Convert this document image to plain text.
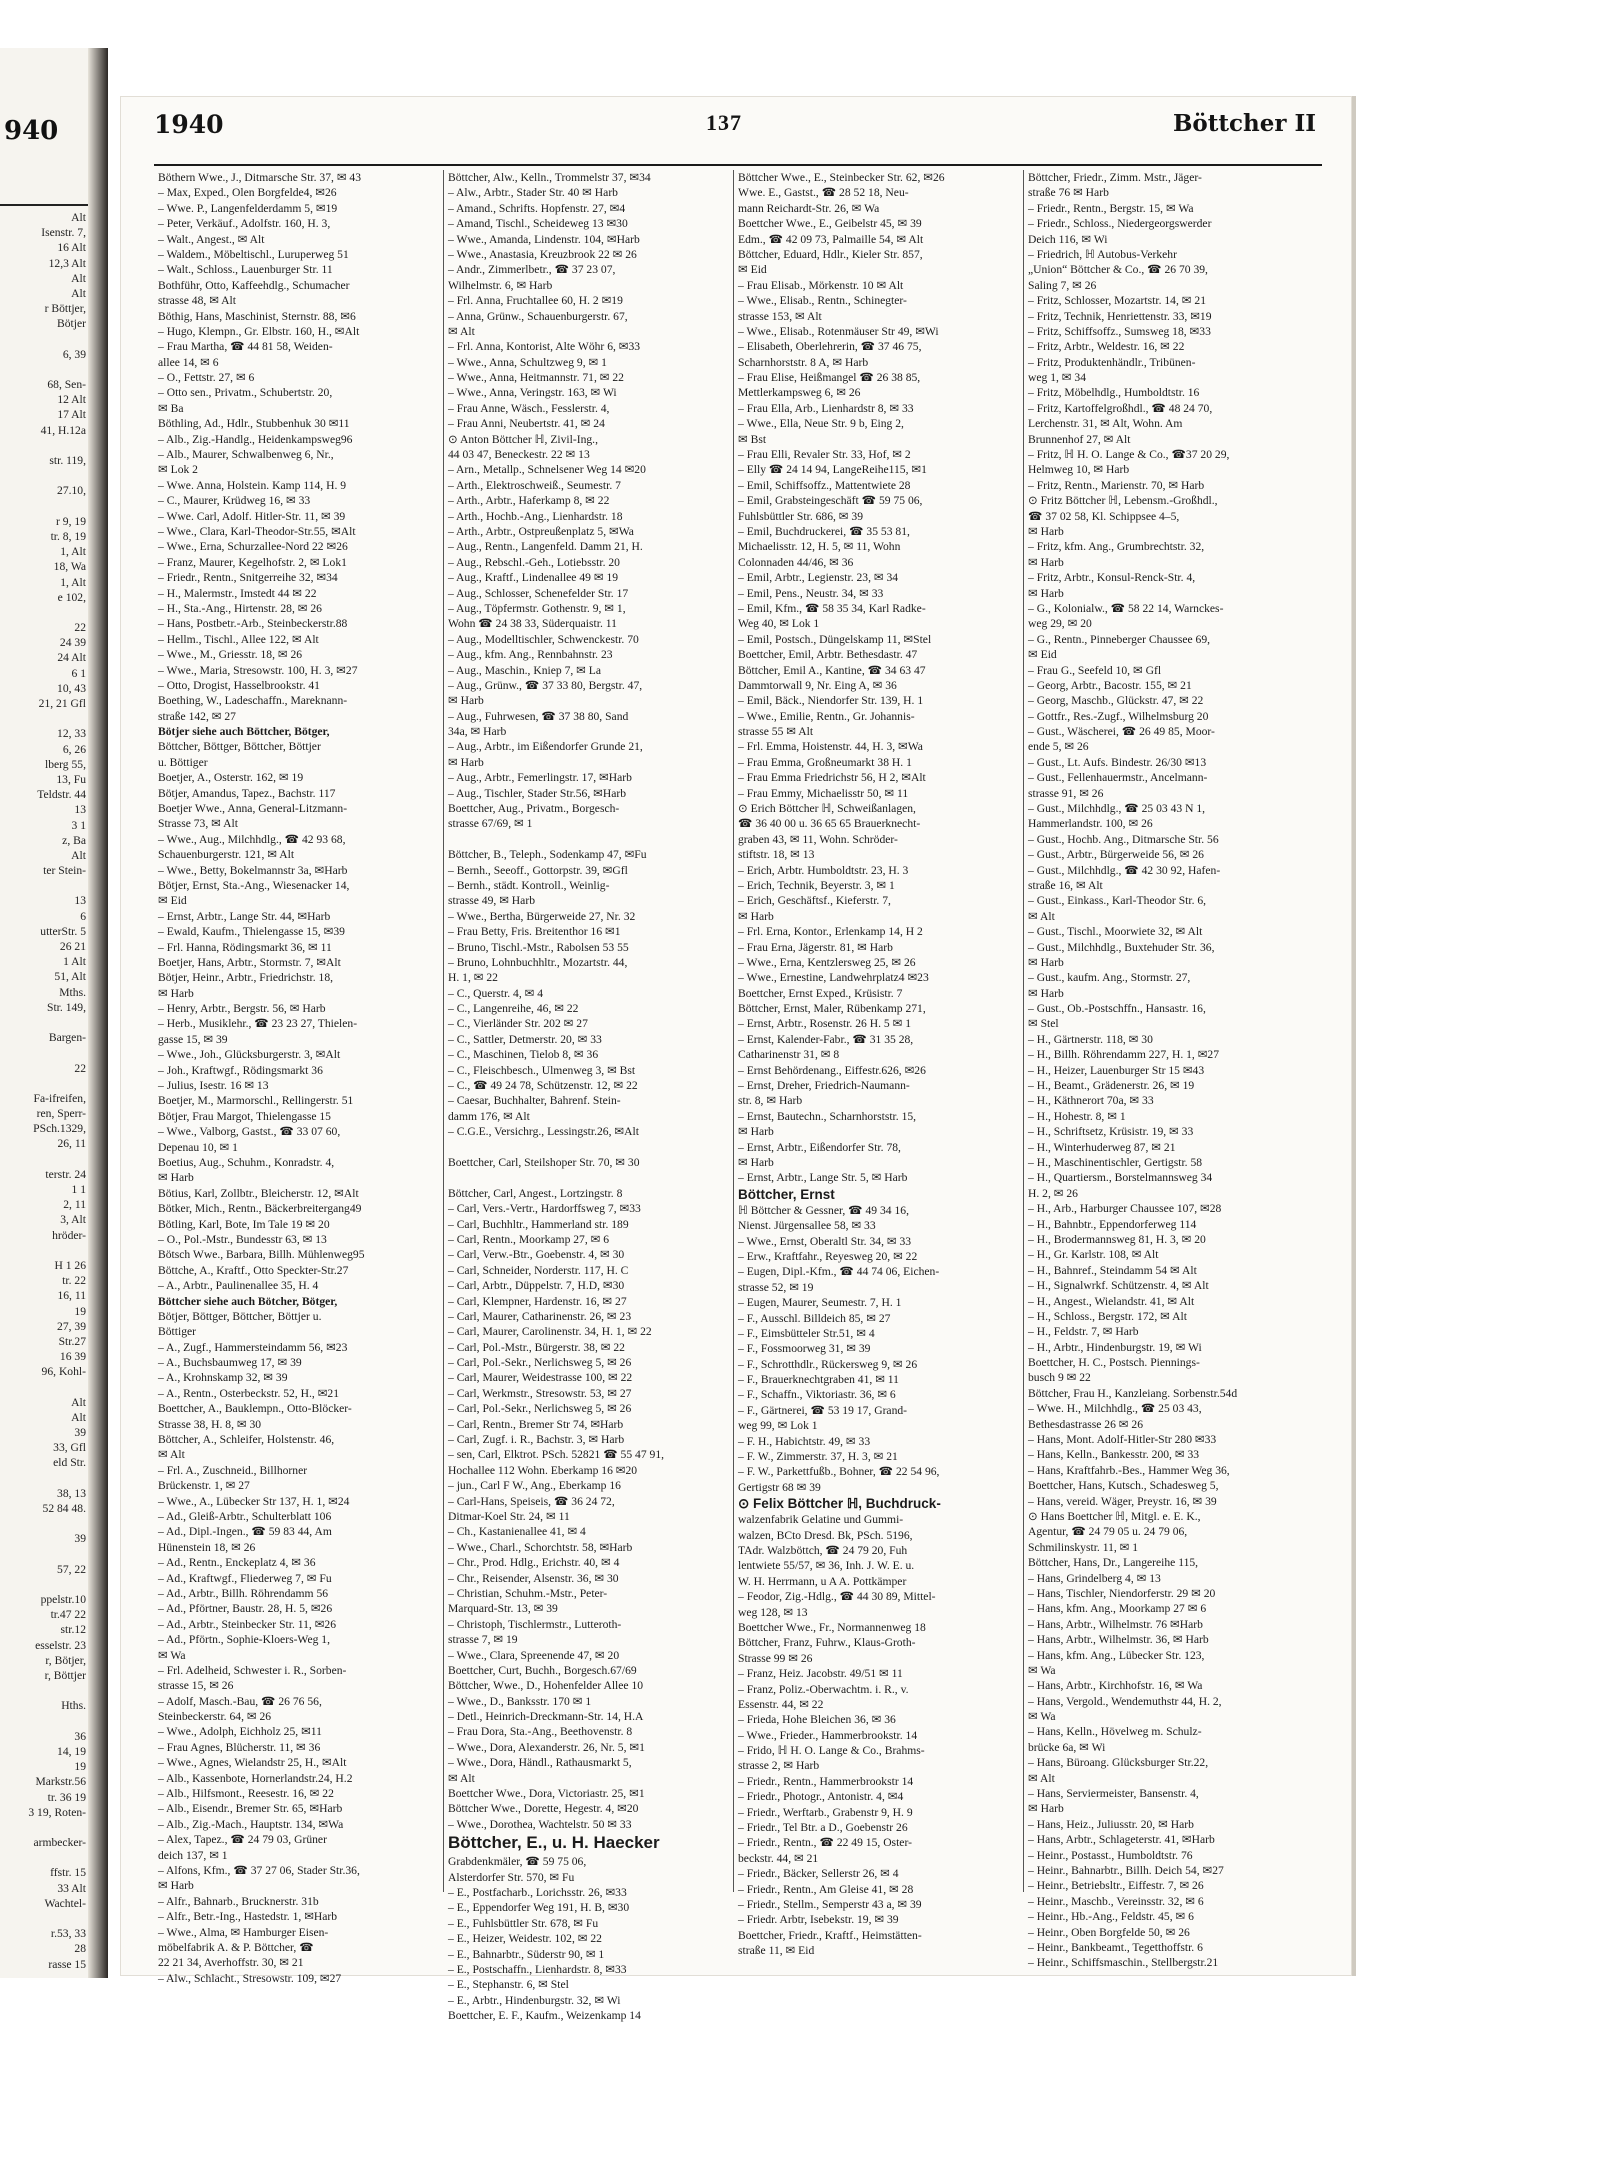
940
Alt
Isenstr. 7,
16 Alt
12,3 Alt
Alt
Alt
r Böttjer,
Bötjer
6, 39
68, Sen-
12 Alt
17 Alt
41, H.12a
str. 119,
27.10,
r 9, 19
tr. 8, 19
1, Alt
18, Wa
1, Alt
e 102,
22
24 39
24 Alt
6 1
10, 43
21, 21 Gfl
12, 33
6, 26
lberg 55,
13, Fu
Teldstr. 44
13
3 1
z, Ba
Alt
ter Stein-
13
6
utterStr. 5
26 21
1 Alt
51, Alt
Mths.
Str. 149,
Bargen-
22
Fa-ifreifen,
ren, Sperr-
PSch.1329,
26, 11
terstr. 24
1 1
2, 11
3, Alt
hröder-
H 1 26
tr. 22
16, 11
19
27, 39
Str.27
16 39
96, Kohl-
Alt
Alt
39
33, Gfl
eld Str.
38, 13
52 84 48.
39
57, 22
ppelstr.10
tr.47 22
str.12
esselstr. 23
r, Bötjer,
r, Böttjer
Hths.
36
14, 19
19
Markstr.56
tr. 36 19
3 19, Roten-
armbecker-
ffstr. 15
33 Alt
Wachtel-
r.53, 33
28
rasse 15
1940	137	Böttcher II
Böthern Wwe., J., Ditmarsche Str. 37, ✉ 43
– Max, Exped., Olen Borgfelde4, ✉26
– Wwe. P., Langenfelderdamm 5, ✉19
– Peter, Verkäuf., Adolfstr. 160, H. 3,
– Walt., Angest., ✉ Alt
– Waldem., Möbeltischl., Luruperweg 51
– Walt., Schloss., Lauenburger Str. 11
Bothführ, Otto, Kaffeehdlg., Schumacher
strasse 48, ✉ Alt
Böthig, Hans, Maschinist, Sternstr. 88, ✉6
– Hugo, Klempn., Gr. Elbstr. 160, H., ✉Alt
– Frau Martha, ☎ 44 81 58, Weiden-
allee 14, ✉ 6
– O., Fettstr. 27, ✉ 6
– Otto sen., Privatm., Schubertstr. 20,
✉ Ba
Böthling, Ad., Hdlr., Stubbenhuk 30 ✉11
– Alb., Zig.-Handlg., Heidenkampsweg96
– Alb., Maurer, Schwalbenweg 6, Nr.,
✉ Lok 2
– Wwe. Anna, Holstein. Kamp 114, H. 9
– C., Maurer, Krüdweg 16, ✉ 33
– Wwe. Carl, Adolf. Hitler-Str. 11, ✉ 39
– Wwe., Clara, Karl-Theodor-Str.55, ✉Alt
– Wwe., Erna, Schurzallee-Nord 22 ✉26
– Franz, Maurer, Kegelhofstr. 2, ✉ Lok1
– Friedr., Rentn., Snitgerreihe 32, ✉34
– H., Malermstr., Imstedt 44 ✉ 22
– H., Sta.-Ang., Hirtenstr. 28, ✉ 26
– Hans, Postbetr.-Arb., Steinbeckerstr.88
– Hellm., Tischl., Allee 122, ✉ Alt
– Wwe., M., Griesstr. 18, ✉ 26
– Wwe., Maria, Stresowstr. 100, H. 3, ✉27
– Otto, Drogist, Hasselbrookstr. 41
Boething, W., Ladeschaffn., Mareknann-
straße 142, ✉ 27
Bötjer siehe auch Böttcher, Bötger,
Böttcher, Böttger, Böttcher, Böttjer
u. Böttiger
Boetjer, A., Osterstr. 162, ✉ 19
Bötjer, Amandus, Tapez., Bachstr. 117
Boetjer Wwe., Anna, General-Litzmann-
Strasse 73, ✉ Alt
– Wwe., Aug., Milchhdlg., ☎ 42 93 68,
Schauenburgerstr. 121, ✉ Alt
– Wwe., Betty, Bokelmannstr 3a, ✉Harb
Bötjer, Ernst, Sta.-Ang., Wiesenacker 14,
✉ Eid
– Ernst, Arbtr., Lange Str. 44, ✉Harb
– Ewald, Kaufm., Thielengasse 15, ✉39
– Frl. Hanna, Rödingsmarkt 36, ✉ 11
Boetjer, Hans, Arbtr., Stormstr. 7, ✉Alt
Bötjer, Heinr., Arbtr., Friedrichstr. 18,
✉ Harb
– Henry, Arbtr., Bergstr. 56, ✉ Harb
– Herb., Musiklehr., ☎ 23 23 27, Thielen-
gasse 15, ✉ 39
– Wwe., Joh., Glücksburgerstr. 3, ✉Alt
– Joh., Kraftwgf., Rödingsmarkt 36
– Julius, Isestr. 16 ✉ 13
Boetjer, M., Marmorschl., Rellingerstr. 51
Bötjer, Frau Margot, Thielengasse 15
– Wwe., Valborg, Gastst., ☎ 33 07 60,
Depenau 10, ✉ 1
Boetius, Aug., Schuhm., Konradstr. 4,
✉ Harb
Bötius, Karl, Zollbtr., Bleicherstr. 12, ✉Alt
Bötker, Mich., Rentn., Bäckerbreitergang49
Bötling, Karl, Bote, Im Tale 19 ✉ 20
– O., Pol.-Mstr., Bundesstr 63, ✉ 13
Bötsch Wwe., Barbara, Billh. Mühlenweg95
Böttche, A., Kraftf., Otto Speckter-Str.27
– A., Arbtr., Paulinenallee 35, H. 4
Böttcher siehe auch Bötcher, Bötger,
Bötjer, Böttger, Böttcher, Böttjer u.
Böttiger
– A., Zugf., Hammersteindamm 56, ✉23
– A., Buchsbaumweg 17, ✉ 39
– A., Krohnskamp 32, ✉ 39
– A., Rentn., Osterbeckstr. 52, H., ✉21
Boettcher, A., Bauklempn., Otto-Blöcker-
Strasse 38, H. 8, ✉ 30
Böttcher, A., Schleifer, Holstenstr. 46,
✉ Alt
– Frl. A., Zuschneid., Billhorner
Brückenstr. 1, ✉ 27
– Wwe., A., Lübecker Str 137, H. 1, ✉24
– Ad., Gleiß-Arbtr., Schulterblatt 106
– Ad., Dipl.-Ingen., ☎ 59 83 44, Am
Hünenstein 18, ✉ 26
– Ad., Rentn., Enckeplatz 4, ✉ 36
– Ad., Kraftwgf., Fliederweg 7, ✉ Fu
– Ad., Arbtr., Billh. Röhrendamm 56
– Ad., Pförtner, Baustr. 28, H. 5, ✉26
– Ad., Arbtr., Steinbecker Str. 11, ✉26
– Ad., Pförtn., Sophie-Kloers-Weg 1,
✉ Wa
– Frl. Adelheid, Schwester i. R., Sorben-
strasse 15, ✉ 26
– Adolf, Masch.-Bau, ☎ 26 76 56,
Steinbeckerstr. 64, ✉ 26
– Wwe., Adolph, Eichholz 25, ✉11
– Frau Agnes, Blücherstr. 11, ✉ 36
– Wwe., Agnes, Wielandstr 25, H., ✉Alt
– Alb., Kassenbote, Hornerlandstr.24, H.2
– Alb., Hilfsmont., Reesestr. 16, ✉ 22
– Alb., Eisendr., Bremer Str. 65, ✉Harb
– Alb., Zig.-Mach., Hauptstr. 134, ✉Wa
– Alex, Tapez., ☎ 24 79 03, Grüner
deich 137, ✉ 1
– Alfons, Kfm., ☎ 37 27 06, Stader Str.36,
✉ Harb
– Alfr., Bahnarb., Brucknerstr. 31b
– Alfr., Betr.-Ing., Hastedstr. 1, ✉Harb
– Wwe., Alma, ✉ Hamburger Eisen-
möbelfabrik A. & P. Böttcher, ☎
22 21 34, Averhoffstr. 30, ✉ 21
– Alw., Schlacht., Stresowstr. 109, ✉27
Böttcher, Alw., Kelln., Trommelstr 37, ✉34
– Alw., Arbtr., Stader Str. 40 ✉ Harb
– Amand., Schrifts. Hopfenstr. 27, ✉4
– Amand, Tischl., Scheideweg 13 ✉30
– Wwe., Amanda, Lindenstr. 104, ✉Harb
– Wwe., Anastasia, Kreuzbrook 22 ✉ 26
– Andr., Zimmerlbetr., ☎ 37 23 07,
Wilhelmstr. 6, ✉ Harb
– Frl. Anna, Fruchtallee 60, H. 2 ✉19
– Anna, Grünw., Schauenburgerstr. 67,
✉ Alt
– Frl. Anna, Kontorist, Alte Wöhr 6, ✉33
– Wwe., Anna, Schultzweg 9, ✉ 1
– Wwe., Anna, Heitmannstr. 71, ✉ 22
– Wwe., Anna, Veringstr. 163, ✉ Wi
– Frau Anne, Wäsch., Fesslerstr. 4,
– Frau Anni, Neubertstr. 41, ✉ 24
⊙ Anton Böttcher ℍ, Zivil-Ing.,
44 03 47, Beneckestr. 22 ✉ 13
– Arn., Metallp., Schnelsener Weg 14 ✉20
– Arth., Elektroschweiß., Seumestr. 7
– Arth., Arbtr., Haferkamp 8, ✉ 22
– Arth., Hochb.-Ang., Lienhardstr. 18
– Arth., Arbtr., Ostpreußenplatz 5, ✉Wa
– Aug., Rentn., Langenfeld. Damm 21, H.
– Aug., Rebschl.-Geh., Lotiebsstr. 20
– Aug., Kraftf., Lindenallee 49 ✉ 19
– Aug., Schlosser, Schenefelder Str. 17
– Aug., Töpfermstr. Gothenstr. 9, ✉ 1,
Wohn ☎ 24 38 33, Süderquaistr. 11
– Aug., Modelltischler, Schwenckestr. 70
– Aug., kfm. Ang., Rennbahnstr. 23
– Aug., Maschin., Kniep 7, ✉ La
– Aug., Grünw., ☎ 37 33 80, Bergstr. 47,
✉ Harb
– Aug., Fuhrwesen, ☎ 37 38 80, Sand
34a, ✉ Harb
– Aug., Arbtr., im Eißendorfer Grunde 21,
✉ Harb
– Aug., Arbtr., Femerlingstr. 17, ✉Harb
– Aug., Tischler, Stader Str.56, ✉Harb
Boettcher, Aug., Privatm., Borgesch-
strasse 67/69, ✉ 1
Böttcher, B., Teleph., Sodenkamp 47, ✉Fu
– Bernh., Seeoff., Gottorpstr. 39, ✉Gfl
– Bernh., städt. Kontroll., Weinlig-
strasse 49, ✉ Harb
– Wwe., Bertha, Bürgerweide 27, Nr. 32
– Frau Betty, Fris. Breitenthor 16 ✉1
– Bruno, Tischl.-Mstr., Rabolsen 53 55
– Bruno, Lohnbuchhltr., Mozartstr. 44,
H. 1, ✉ 22
– C., Querstr. 4, ✉ 4
– C., Langenreihe, 46, ✉ 22
– C., Vierländer Str. 202 ✉ 27
– C., Sattler, Detmerstr. 20, ✉ 33
– C., Maschinen, Tielob 8, ✉ 36
– C., Fleischbesch., Ulmenweg 3, ✉ Bst
– C., ☎ 49 24 78, Schützenstr. 12, ✉ 22
– Caesar, Buchhalter, Bahrenf. Stein-
damm 176, ✉ Alt
– C.G.E., Versichrg., Lessingstr.26, ✉Alt
Boettcher, Carl, Steilshoper Str. 70, ✉ 30
Böttcher, Carl, Angest., Lortzingstr. 8
– Carl, Vers.-Vertr., Hardorffsweg 7, ✉33
– Carl, Buchhltr., Hammerland str. 189
– Carl, Rentn., Moorkamp 27, ✉ 6
– Carl, Verw.-Btr., Goebenstr. 4, ✉ 30
– Carl, Schneider, Norderstr. 117, H. C
– Carl, Arbtr., Düppelstr. 7, H.D, ✉30
– Carl, Klempner, Hardenstr. 16, ✉ 27
– Carl, Maurer, Catharinenstr. 26, ✉ 23
– Carl, Maurer, Carolinenstr. 34, H. 1, ✉ 22
– Carl, Pol.-Mstr., Bürgerstr. 38, ✉ 22
– Carl, Pol.-Sekr., Nerlichsweg 5, ✉ 26
– Carl, Maurer, Weidestrasse 100, ✉ 22
– Carl, Werkmstr., Stresowstr. 53, ✉ 27
– Carl, Pol.-Sekr., Nerlichsweg 5, ✉ 26
– Carl, Rentn., Bremer Str 74, ✉Harb
– Carl, Zugf. i. R., Bachstr. 3, ✉ Harb
– sen, Carl, Elktrot. PSch. 52821 ☎ 55 47 91,
Hochallee 112 Wohn. Eberkamp 16 ✉20
– jun., Carl F W., Ang., Eberkamp 16
– Carl-Hans, Speiseis, ☎ 36 24 72,
Ditmar-Koel Str. 24, ✉ 11
– Ch., Kastanienallee 41, ✉ 4
– Wwe., Charl., Schorchtstr. 58, ✉Harb
– Chr., Prod. Hdlg., Erichstr. 40, ✉ 4
– Chr., Reisender, Alsenstr. 36, ✉ 30
– Christian, Schuhm.-Mstr., Peter-
Marquard-Str. 13, ✉ 39
– Christoph, Tischlermstr., Lutteroth-
strasse 7, ✉ 19
– Wwe., Clara, Spreenende 47, ✉ 20
Boettcher, Curt, Buchh., Borgesch.67/69
Böttcher, Wwe., D., Hohenfelder Allee 10
– Wwe., D., Banksstr. 170 ✉ 1
– Detl., Heinrich-Dreckmann-Str. 14, H.A
– Frau Dora, Sta.-Ang., Beethovenstr. 8
– Wwe., Dora, Alexanderstr. 26, Nr. 5, ✉1
– Wwe., Dora, Händl., Rathausmarkt 5,
✉ Alt
Boettcher Wwe., Dora, Victoriastr. 25, ✉1
Böttcher Wwe., Dorette, Hegestr. 4, ✉20
– Wwe., Dorothea, Wachtelstr. 50 ✉ 33
Böttcher, E., u. H. Haecker
Grabdenkmäler, ☎ 59 75 06,
Alsterdorfer Str. 570, ✉ Fu
– E., Postfacharb., Lorichsstr. 26, ✉33
– E., Eppendorfer Weg 191, H. B, ✉30
– E., Fuhlsbüttler Str. 678, ✉ Fu
– E., Heizer, Weidestr. 102, ✉ 22
– E., Bahnarbtr., Süderstr 90, ✉ 1
– E., Postschaffn., Lienhardstr. 8, ✉33
– E., Stephanstr. 6, ✉ Stel
– E., Arbtr., Hindenburgstr. 32, ✉ Wi
Boettcher, E. F., Kaufm., Weizenkamp 14
Böttcher Wwe., E., Steinbecker Str. 62, ✉26
Wwe. E., Gastst., ☎ 28 52 18, Neu-
mann Reichardt-Str. 26, ✉ Wa
Boettcher Wwe., E., Geibelstr 45, ✉ 39
Edm., ☎ 42 09 73, Palmaille 54, ✉ Alt
Böttcher, Eduard, Hdlr., Kieler Str. 857,
✉ Eid
– Frau Elisab., Mörkenstr. 10 ✉ Alt
– Wwe., Elisab., Rentn., Schinegter-
strasse 153, ✉ Alt
– Wwe., Elisab., Rotenmäuser Str 49, ✉Wi
– Elisabeth, Oberlehrerin, ☎ 37 46 75,
Scharnhorststr. 8 A, ✉ Harb
– Frau Elise, Heißmangel ☎ 26 38 85,
Mettlerkampsweg 6, ✉ 26
– Frau Ella, Arb., Lienhardstr 8, ✉ 33
– Wwe., Ella, Neue Str. 9 b, Eing 2,
✉ Bst
– Frau Elli, Revaler Str. 33, Hof, ✉ 2
– Elly ☎ 24 14 94, LangeReihe115, ✉1
– Emil, Schiffsoffz., Mattentwiete 28
– Emil, Grabsteingeschäft ☎ 59 75 06,
Fuhlsbüttler Str. 686, ✉ 39
– Emil, Buchdruckerei, ☎ 35 53 81,
Michaelisstr. 12, H. 5, ✉ 11, Wohn
Colonnaden 44/46, ✉ 36
– Emil, Arbtr., Legienstr. 23, ✉ 34
– Emil, Pens., Neustr. 34, ✉ 33
– Emil, Kfm., ☎ 58 35 34, Karl Radke-
Weg 40, ✉ Lok 1
– Emil, Postsch., Düngelskamp 11, ✉Stel
Boettcher, Emil, Arbtr. Bethesdastr. 47
Böttcher, Emil A., Kantine, ☎ 34 63 47
Dammtorwall 9, Nr. Eing A, ✉ 36
– Emil, Bäck., Niendorfer Str. 139, H. 1
– Wwe., Emilie, Rentn., Gr. Johannis-
strasse 55 ✉ Alt
– Frl. Emma, Hoistenstr. 44, H. 3, ✉Wa
– Frau Emma, Großneumarkt 38 H. 1
– Frau Emma Friedrichstr 56, H 2, ✉Alt
– Frau Emmy, Michaelisstr 50, ✉ 11
⊙ Erich Böttcher ℍ, Schweißanlagen,
☎ 36 40 00 u. 36 65 65 Brauerknecht-
graben 43, ✉ 11, Wohn. Schröder-
stiftstr. 18, ✉ 13
– Erich, Arbtr. Humboldtstr. 23, H. 3
– Erich, Technik, Beyerstr. 3, ✉ 1
– Erich, Geschäftsf., Kieferstr. 7,
✉ Harb
– Frl. Erna, Kontor., Erlenkamp 14, H 2
– Frau Erna, Jägerstr. 81, ✉ Harb
– Wwe., Erna, Kentzlersweg 25, ✉ 26
– Wwe., Ernestine, Landwehrplatz4 ✉23
Boettcher, Ernst Exped., Krüsistr. 7
Böttcher, Ernst, Maler, Rübenkamp 271,
– Ernst, Arbtr., Rosenstr. 26 H. 5 ✉ 1
– Ernst, Kalender-Fabr., ☎ 31 35 28,
Catharinenstr 31, ✉ 8
– Ernst Behördenang., Eiffestr.626, ✉26
– Ernst, Dreher, Friedrich-Naumann-
str. 8, ✉ Harb
– Ernst, Bautechn., Scharnhorststr. 15,
✉ Harb
– Ernst, Arbtr., Eißendorfer Str. 78,
✉ Harb
– Ernst, Arbtr., Lange Str. 5, ✉ Harb
Böttcher, Ernst
ℍ Böttcher & Gessner, ☎ 49 34 16,
Nienst. Jürgensallee 58, ✉ 33
– Wwe., Ernst, Oberaltl Str. 34, ✉ 33
– Erw., Kraftfahr., Reyesweg 20, ✉ 22
– Eugen, Dipl.-Kfm., ☎ 44 74 06, Eichen-
strasse 52, ✉ 19
– Eugen, Maurer, Seumestr. 7, H. 1
– F., Ausschl. Billdeich 85, ✉ 27
– F., Eimsbütteler Str.51, ✉ 4
– F., Fossmoorweg 31, ✉ 39
– F., Schrotthdlr., Rückersweg 9, ✉ 26
– F., Brauerknechtgraben 41, ✉ 11
– F., Schaffn., Viktoriastr. 36, ✉ 6
– F., Gärtnerei, ☎ 53 19 17, Grand-
weg 99, ✉ Lok 1
– F. H., Habichtstr. 49, ✉ 33
– F. W., Zimmerstr. 37, H. 3, ✉ 21
– F. W., Parkettfußb., Bohner, ☎ 22 54 96,
Gertigstr 68 ✉ 39
⊙ Felix Böttcher ℍ, Buchdruck-
walzenfabrik Gelatine und Gummi-
walzen, BCto Dresd. Bk, PSch. 5196,
TAdr. Walzböttch, ☎ 24 79 20, Fuh
lentwiete 55/57, ✉ 36, Inh. J. W. E. u.
W. H. Herrmann, u A A. Pottkämper
– Feodor, Zig.-Hdlg., ☎ 44 30 89, Mittel-
weg 128, ✉ 13
Boettcher Wwe., Fr., Normannenweg 18
Böttcher, Franz, Fuhrw., Klaus-Groth-
Strasse 99 ✉ 26
– Franz, Heiz. Jacobstr. 49/51 ✉ 11
– Franz, Poliz.-Oberwachtm. i. R., v.
Essenstr. 44, ✉ 22
– Frieda, Hohe Bleichen 36, ✉ 36
– Wwe., Frieder., Hammerbrookstr. 14
– Frido, ℍ H. O. Lange & Co., Brahms-
strasse 2, ✉ Harb
– Friedr., Rentn., Hammerbrookstr 14
– Friedr., Photogr., Antonistr. 4, ✉4
– Friedr., Werftarb., Grabenstr 9, H. 9
– Friedr., Tel Btr. a D., Goebenstr 26
– Friedr., Rentn., ☎ 22 49 15, Oster-
beckstr. 44, ✉ 21
– Friedr., Bäcker, Sellerstr 26, ✉ 4
– Friedr., Rentn., Am Gleise 41, ✉ 28
– Friedr., Stellm., Semperstr 43 a, ✉ 39
– Friedr. Arbtr, Isebekstr. 19, ✉ 39
Boettcher, Friedr., Kraftf., Heimstätten-
straße 11, ✉ Eid
Böttcher, Friedr., Zimm. Mstr., Jäger-
straße 76 ✉ Harb
– Friedr., Rentn., Bergstr. 15, ✉ Wa
– Friedr., Schloss., Niedergeorgswerder
Deich 116, ✉ Wi
– Friedrich, ℍ Autobus-Verkehr
„Union“ Böttcher & Co., ☎ 26 70 39,
Saling 7, ✉ 26
– Fritz, Schlosser, Mozartstr. 14, ✉ 21
– Fritz, Technik, Henriettenstr. 33, ✉19
– Fritz, Schiffsoffz., Sumsweg 18, ✉33
– Fritz, Arbtr., Weldestr. 16, ✉ 22
– Fritz, Produktenhändlr., Tribünen-
weg 1, ✉ 34
– Fritz, Möbelhdlg., Humboldtstr. 16
– Fritz, Kartoffelgroßhdl., ☎ 48 24 70,
Lerchenstr. 31, ✉ Alt, Wohn. Am
Brunnenhof 27, ✉ Alt
– Fritz, ℍ H. O. Lange & Co., ☎37 20 29,
Helmweg 10, ✉ Harb
– Fritz, Rentn., Marienstr. 70, ✉ Harb
⊙ Fritz Böttcher ℍ, Lebensm.-Großhdl.,
☎ 37 02 58, Kl. Schippsee 4–5,
✉ Harb
– Fritz, kfm. Ang., Grumbrechtstr. 32,
✉ Harb
– Fritz, Arbtr., Konsul-Renck-Str. 4,
✉ Harb
– G., Kolonialw., ☎ 58 22 14, Warnckes-
weg 29, ✉ 20
– G., Rentn., Pinneberger Chaussee 69,
✉ Eid
– Frau G., Seefeld 10, ✉ Gfl
– Georg, Arbtr., Bacostr. 155, ✉ 21
– Georg, Maschb., Glückstr. 47, ✉ 22
– Gottfr., Res.-Zugf., Wilhelmsburg 20
– Gust., Wäscherei, ☎ 26 49 85, Moor-
ende 5, ✉ 26
– Gust., Lt. Aufs. Bindestr. 26/30 ✉13
– Gust., Fellenhauermstr., Ancelmann-
strasse 91, ✉ 26
– Gust., Milchhdlg., ☎ 25 03 43 N 1,
Hammerlandstr. 100, ✉ 26
– Gust., Hochb. Ang., Ditmarsche Str. 56
– Gust., Arbtr., Bürgerweide 56, ✉ 26
– Gust., Milchhdlg., ☎ 42 30 92, Hafen-
straße 16, ✉ Alt
– Gust., Einkass., Karl-Theodor Str. 6,
✉ Alt
– Gust., Tischl., Moorwiete 32, ✉ Alt
– Gust., Milchhdlg., Buxtehuder Str. 36,
✉ Harb
– Gust., kaufm. Ang., Stormstr. 27,
✉ Harb
– Gust., Ob.-Postschffn., Hansastr. 16,
✉ Stel
– H., Gärtnerstr. 118, ✉ 30
– H., Billh. Röhrendamm 227, H. 1, ✉27
– H., Heizer, Lauenburger Str 15 ✉43
– H., Beamt., Grädenerstr. 26, ✉ 19
– H., Käthnerort 70a, ✉ 33
– H., Hohestr. 8, ✉ 1
– H., Schriftsetz, Krüsistr. 19, ✉ 33
– H., Winterhuderweg 87, ✉ 21
– H., Maschinentischler, Gertigstr. 58
– H., Quartiersm., Borstelmannsweg 34
H. 2, ✉ 26
– H., Arb., Harburger Chaussee 107, ✉28
– H., Bahnbtr., Eppendorferweg 114
– H., Brodermannsweg 81, H. 3, ✉ 20
– H., Gr. Karlstr. 108, ✉ Alt
– H., Bahnref., Steindamm 54 ✉ Alt
– H., Signalwrkf. Schützenstr. 4, ✉ Alt
– H., Angest., Wielandstr. 41, ✉ Alt
– H., Schloss., Bergstr. 172, ✉ Alt
– H., Feldstr. 7, ✉ Harb
– H., Arbtr., Hindenburgstr. 19, ✉ Wi
Boettcher, H. C., Postsch. Piennings-
busch 9 ✉ 22
Böttcher, Frau H., Kanzleiang. Sorbenstr.54d
– Wwe. H., Milchhdlg., ☎ 25 03 43,
Bethesdastrasse 26 ✉ 26
– Hans, Mont. Adolf-Hitler-Str 280 ✉33
– Hans, Kelln., Bankesstr. 200, ✉ 33
– Hans, Kraftfahrb.-Bes., Hammer Weg 36,
Boettcher, Hans, Kutsch., Schadesweg 5,
– Hans, vereid. Wäger, Preystr. 16, ✉ 39
⊙ Hans Boettcher ℍ, Mitgl. e. E. K.,
Agentur, ☎ 24 79 05 u. 24 79 06,
Schmilinskystr. 11, ✉ 1
Böttcher, Hans, Dr., Langereihe 115,
– Hans, Grindelberg 4, ✉ 13
– Hans, Tischler, Niendorferstr. 29 ✉ 20
– Hans, kfm. Ang., Moorkamp 27 ✉ 6
– Hans, Arbtr., Wilhelmstr. 76 ✉Harb
– Hans, Arbtr., Wilhelmstr. 36, ✉ Harb
– Hans, kfm. Ang., Lübecker Str. 123,
✉ Wa
– Hans, Arbtr., Kirchhofstr. 16, ✉ Wa
– Hans, Vergold., Wendemuthstr 44, H. 2,
✉ Wa
– Hans, Kelln., Hövelweg m. Schulz-
brücke 6a, ✉ Wi
– Hans, Büroang. Glücksburger Str.22,
✉ Alt
– Hans, Serviermeister, Bansenstr. 4,
✉ Harb
– Hans, Heiz., Juliusstr. 20, ✉ Harb
– Hans, Arbtr., Schlageterstr. 41, ✉Harb
– Heinr., Postasst., Humboldtstr. 76
– Heinr., Bahnarbtr., Billh. Deich 54, ✉27
– Heinr., Betriebsltr., Eiffestr. 7, ✉ 26
– Heinr., Maschb., Vereinsstr. 32, ✉ 6
– Heinr., Hb.-Ang., Feldstr. 45, ✉ 6
– Heinr., Oben Borgfelde 50, ✉ 26
– Heinr., Bankbeamt., Tegetthoffstr. 6
– Heinr., Schiffsmaschin., Stellbergstr.21
